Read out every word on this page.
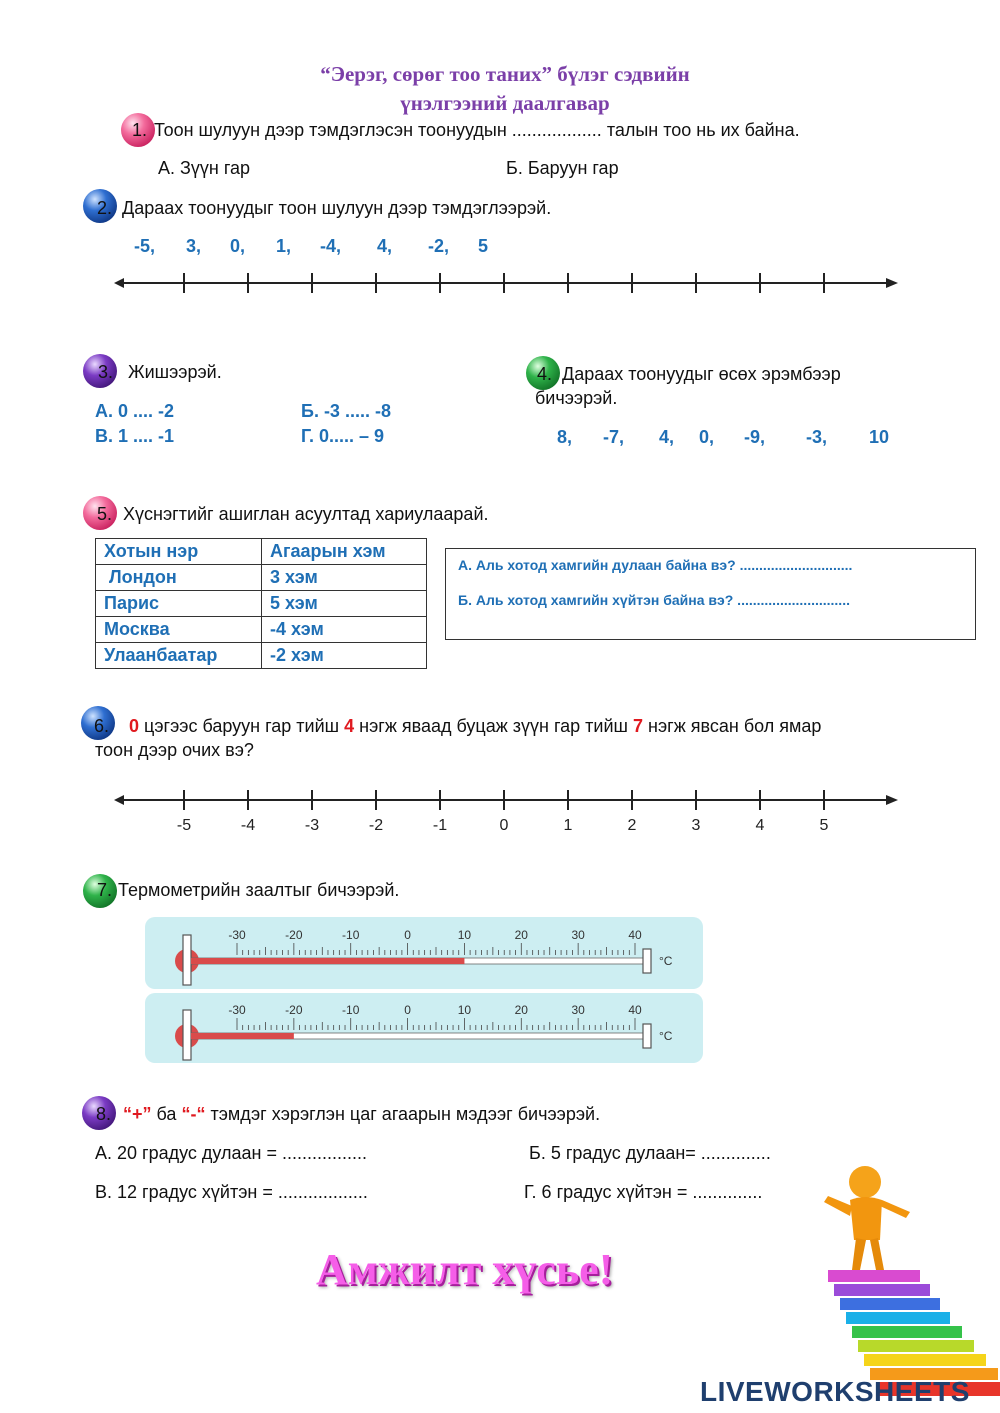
“Эерэг, сөрөг тоо таних” бүлэг сэдвийн
үнэлгээний даалгавар
1. Тоон шулуун дээр тэмдэглэсэн тоонуудын .................. талын тоо нь их байна.
А. Зүүн гар	Б. Баруун гар
2. Дараах тоонуудыг тоон шулуун дээр тэмдэглээрэй.
-5, 3, 0, 1, -4, 4, -2, 5
3. Жишээрэй.
А. 0 .... -2	Б. -3 ..... -8
В. 1 .... -1	Г. 0..... – 9
4. Дараах тоонуудыг өсөх эрэмбээр
бичээрэй.
8, -7, 4, 0, -9, -3, 10
5. Хүснэгтийг ашиглан асуултад хариулаарай.
Хотын нэр	Агаарын хэм
Лондон	3 хэм
Парис	5 хэм
Москва	-4 хэм
Улаанбаатар	-2 хэм
А. Аль хотод хамгийн дулаан байна вэ? .............................
Б. Аль хотод хамгийн хүйтэн байна вэ? .............................
6. 0 цэгээс баруун гар тийш 4 нэгж яваад буцаж зүүн гар тийш 7 нэгж явсан бол ямар
тоон дээр очих вэ?
-5	-4	-3	-2	-1	0	1	2	3	4	5
7. Термометрийн заалтыг бичээрэй.
-30	-20	-10	0	10	20	30	40
°C
-30	-20	-10	0	10	20	30	40
°C
8. “+” ба “-“ тэмдэг хэрэглэн цаг агаарын мэдээг бичээрэй.
А. 20 градус дулаан = .................	Б. 5 градус дулаан= ..............
В. 12 градус хүйтэн = ..................	Г. 6 градус хүйтэн = ..............
Амжилт хүсье!
LIVEWORKSHEETS
